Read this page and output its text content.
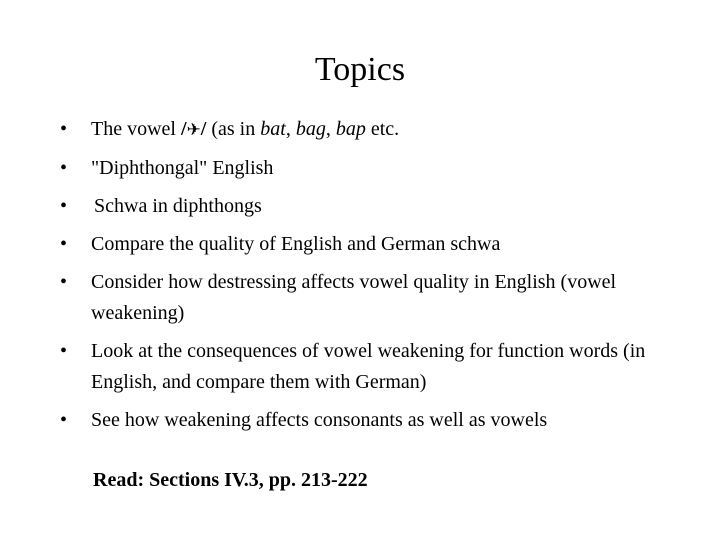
Topics
• The vowel /✈/ (as in bat, bag, bap etc.
• "Diphthongal" English
• Schwa in diphthongs
• Compare the quality of English and German schwa
• Consider how destressing affects vowel quality in English (vowel weakening)
• Look at the consequences of vowel weakening for function words (in English, and compare them with German)
• See how weakening affects consonants as well as vowels

Read: Sections IV.3, pp. 213-222
